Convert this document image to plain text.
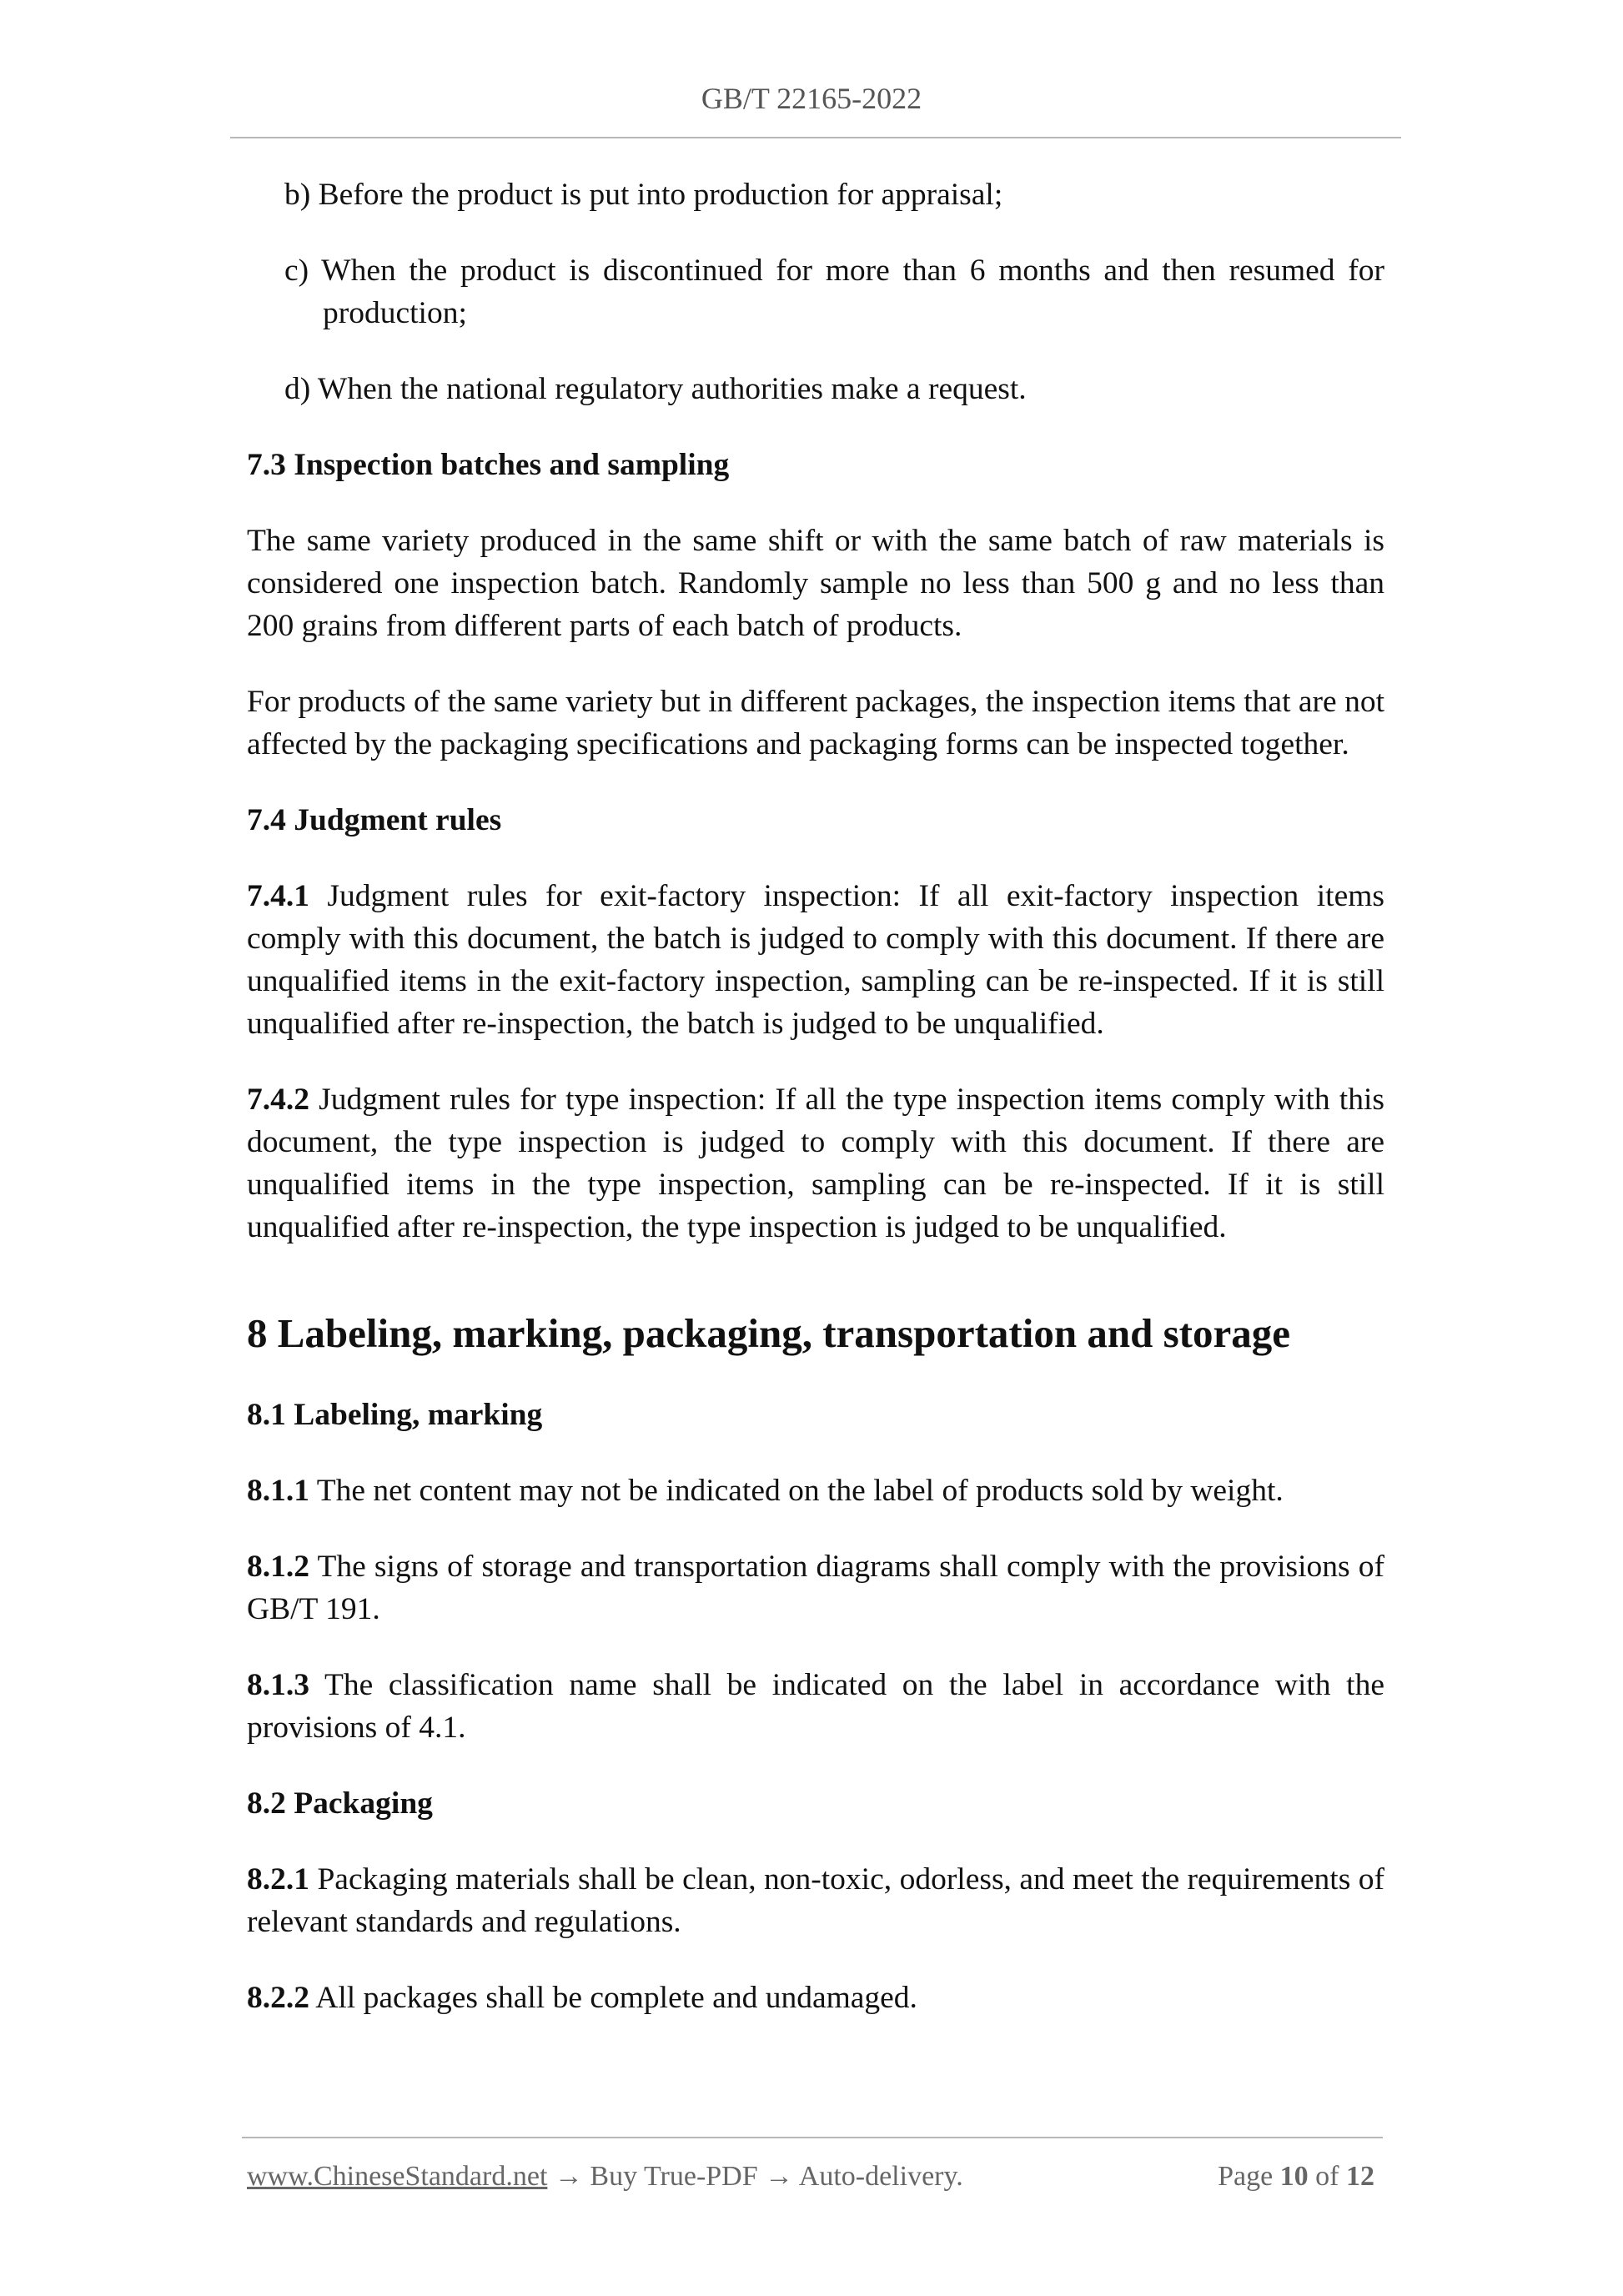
GB/T 22165-2022
b) Before the product is put into production for appraisal;
c) When the product is discontinued for more than 6 months and then resumed for production;
d) When the national regulatory authorities make a request.
7.3 Inspection batches and sampling
The same variety produced in the same shift or with the same batch of raw materials is considered one inspection batch. Randomly sample no less than 500 g and no less than 200 grains from different parts of each batch of products.
For products of the same variety but in different packages, the inspection items that are not affected by the packaging specifications and packaging forms can be inspected together.
7.4 Judgment rules
7.4.1 Judgment rules for exit-factory inspection: If all exit-factory inspection items comply with this document, the batch is judged to comply with this document. If there are unqualified items in the exit-factory inspection, sampling can be re-inspected. If it is still unqualified after re-inspection, the batch is judged to be unqualified.
7.4.2 Judgment rules for type inspection: If all the type inspection items comply with this document, the type inspection is judged to comply with this document. If there are unqualified items in the type inspection, sampling can be re-inspected. If it is still unqualified after re-inspection, the type inspection is judged to be unqualified.
8 Labeling, marking, packaging, transportation and storage
8.1 Labeling, marking
8.1.1 The net content may not be indicated on the label of products sold by weight.
8.1.2 The signs of storage and transportation diagrams shall comply with the provisions of GB/T 191.
8.1.3 The classification name shall be indicated on the label in accordance with the provisions of 4.1.
8.2 Packaging
8.2.1 Packaging materials shall be clean, non-toxic, odorless, and meet the requirements of relevant standards and regulations.
8.2.2 All packages shall be complete and undamaged.
www.ChineseStandard.net → Buy True-PDF → Auto-delivery.	Page 10 of 12
